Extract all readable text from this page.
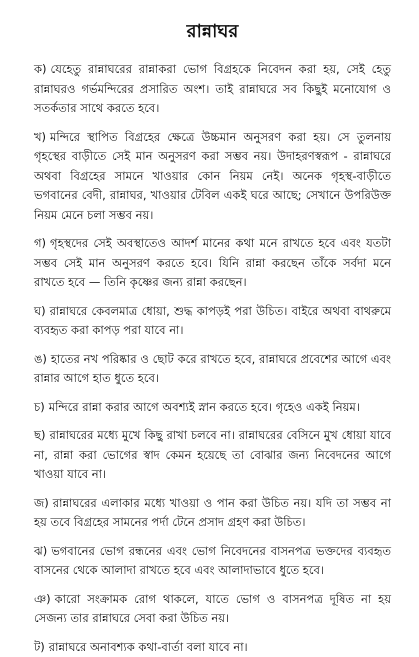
রান্নাঘর

ক) যেহেতু রান্নাঘরের রান্নাকরা ভোগ বিগ্রহকে নিবেদন করা হয়, সেই হেতু রান্নাঘরও গর্ভমন্দিরের প্রসারিত অংশ। তাই রান্নাঘরে সব কিছুই মনোযোগ ও সতর্কতার সাথে করতে হবে।

খ) মন্দিরে স্থাপিত বিগ্রহের ক্ষেত্রে উচ্চমান অনুসরণ করা হয়। সে তুলনায় গৃহস্থের বাড়ীতে সেই মান অনুসরণ করা সম্ভব নয়। উদাহরণস্বরূপ - রান্নাঘরে অথবা বিগ্রহের সামনে খাওয়ার কোন নিয়ম নেই। অনেক গৃহস্থ-বাড়ীতে ভগবানের বেদী, রান্নাঘর, খাওয়ার টেবিল একই ঘরে আছে; সেখানে উপরিউক্ত নিয়ম মেনে চলা সম্ভব নয়।

গ) গৃহস্থদের সেই অবস্থাতেও আদর্শ মানের কথা মনে রাখতে হবে এবং যতটা সম্ভব সেই মান অনুসরণ করতে হবে। যিনি রান্না করছেন তাঁকে সর্বদা মনে রাখতে হবে — তিনি কৃষ্ণের জন্য রান্না করছেন।

ঘ) রান্নাঘরে কেবলমাত্র ধোয়া, শুদ্ধ কাপড়ই পরা উচিত। বাইরে অথবা বাথরুমে ব্যবহৃত করা কাপড় পরা যাবে না।

ঙ) হাতের নখ পরিষ্কার ও ছোট করে রাখতে হবে, রান্নাঘরে প্রবেশের আগে এবং রান্নার আগে হাত ধুতে হবে।

চ) মন্দিরে রান্না করার আগে অবশ্যই স্নান করতে হবে। গৃহেও একই নিয়ম।

ছ) রান্নাঘরের মধ্যে মুখে কিছু রাখা চলবে না। রান্নাঘরের বেসিনে মুখ ধোয়া যাবে না, রান্না করা ভোগের স্বাদ কেমন হয়েছে তা বোঝার জন্য নিবেদনের আগে খাওয়া যাবে না।

জ) রান্নাঘরের এলাকার মধ্যে খাওয়া ও পান করা উচিত নয়। যদি তা সম্ভব না হয় তবে বিগ্রহের সামনের পর্দা টেনে প্রসাদ গ্রহণ করা উচিত।

ঝ) ভগবানের ভোগ রন্ধনের এবং ভোগ নিবেদনের বাসনপত্র ভক্তদের ব্যবহৃত বাসনের থেকে আলাদা রাখতে হবে এবং আলাদাভাবে ধুতে হবে।

ঞ) কারো সংক্রামক রোগ থাকলে, যাতে ভোগ ও বাসনপত্র দূষিত না হয় সেজন্য তার রান্নাঘরে সেবা করা উচিত নয়।

ট) রান্নাঘরে অনাবশ্যক কথা-বার্তা বলা যাবে না।
